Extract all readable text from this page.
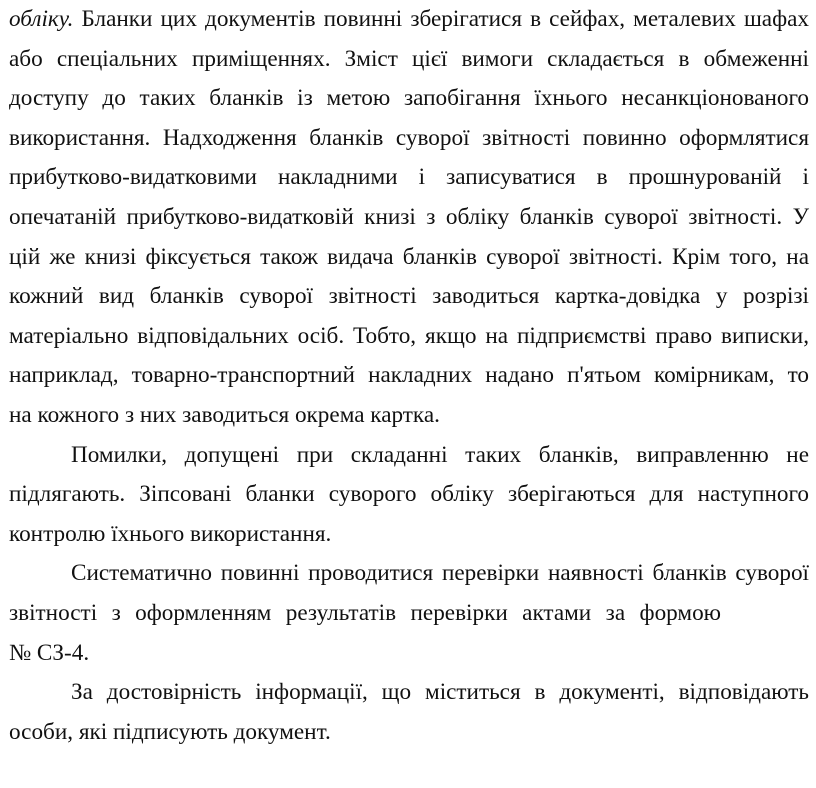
обліку. Бланки цих документів повинні зберігатися в сейфах, металевих шафах
або спеціальних приміщеннях. Зміст цієї вимоги складається в обмеженні
доступу до таких бланків із метою запобігання їхнього несанкціонованого
використання. Надходження бланків суворої звітності повинно оформлятися
прибутково-видатковими накладними і записуватися в прошнурованій і
опечатаній прибутково-видатковій книзі з обліку бланків суворої звітності. У
цій же книзі фіксується також видача бланків суворої звітності. Крім того, на
кожний вид бланків суворої звітності заводиться картка-довідка у розрізі
матеріально відповідальних осіб. Тобто, якщо на підприємстві право виписки,
наприклад, товарно-транспортний накладних надано п'ятьом комірникам, то
на кожного з них заводиться окрема картка.

Помилки, допущені при складанні таких бланків, виправленню не
підлягають. Зіпсовані бланки суворого обліку зберігаються для наступного
контролю їхнього використання.

Систематично повинні проводитися перевірки наявності бланків суворої
звітності з оформленням результатів перевірки актами за формою
№ СЗ-4.

За достовірність інформації, що міститься в документі, відповідають
особи, які підписують документ.
